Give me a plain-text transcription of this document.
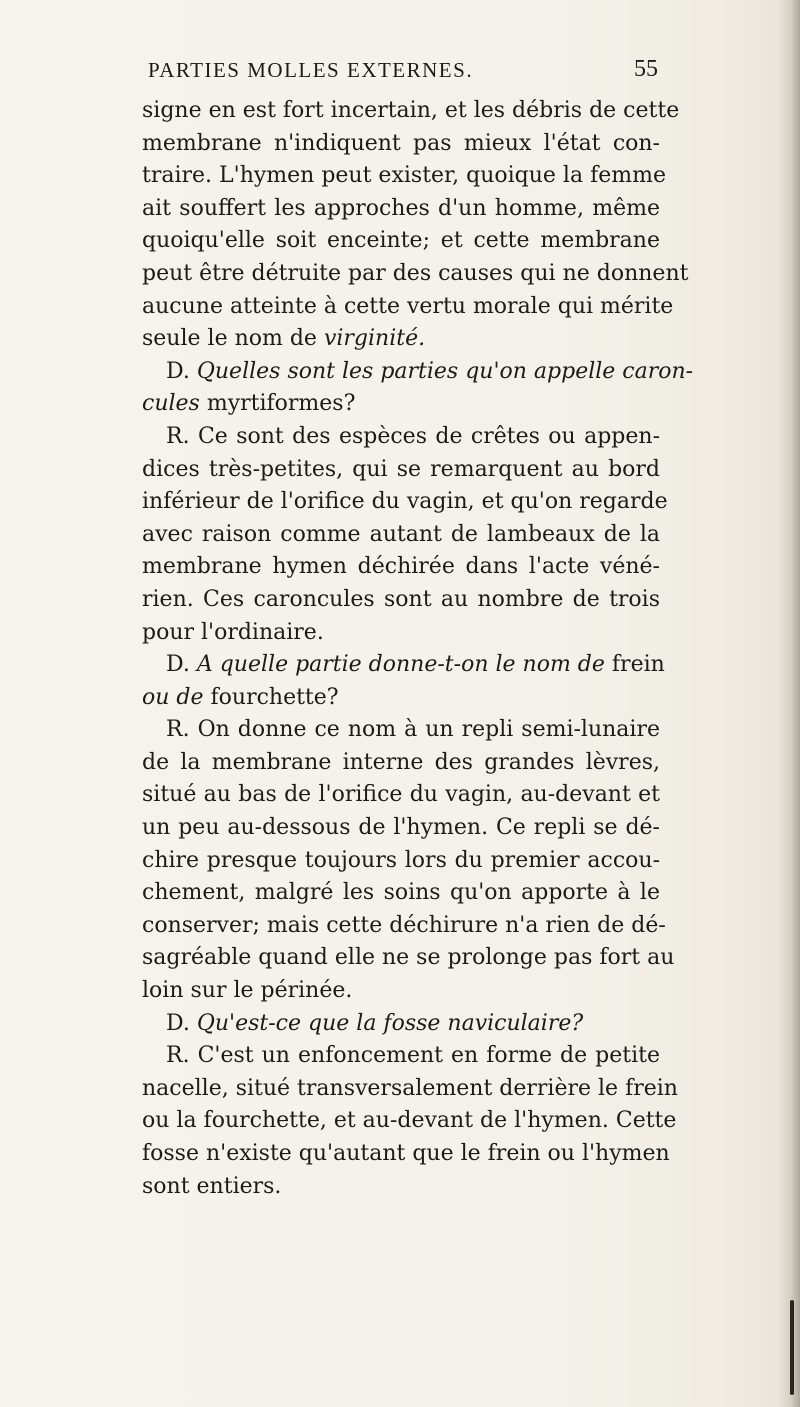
PARTIES MOLLES EXTERNES.	55
signe en est fort incertain, et les débris de cette
membrane n'indiquent pas mieux l'état con-
traire. L'hymen peut exister, quoique la femme
ait souffert les approches d'un homme, même
quoiqu'elle soit enceinte; et cette membrane
peut être détruite par des causes qui ne donnent
aucune atteinte à cette vertu morale qui mérite
seule le nom de virginité.
D. Quelles sont les parties qu'on appelle caron-
cules myrtiformes?
R. Ce sont des espèces de crêtes ou appen-
dices très-petites, qui se remarquent au bord
inférieur de l'orifice du vagin, et qu'on regarde
avec raison comme autant de lambeaux de la
membrane hymen déchirée dans l'acte véné-
rien. Ces caroncules sont au nombre de trois
pour l'ordinaire.
D. A quelle partie donne-t-on le nom de frein
ou de fourchette?
R. On donne ce nom à un repli semi-lunaire
de la membrane interne des grandes lèvres,
situé au bas de l'orifice du vagin, au-devant et
un peu au-dessous de l'hymen. Ce repli se dé-
chire presque toujours lors du premier accou-
chement, malgré les soins qu'on apporte à le
conserver; mais cette déchirure n'a rien de dé-
sagréable quand elle ne se prolonge pas fort au
loin sur le périnée.
D. Qu'est-ce que la fosse naviculaire?
R. C'est un enfoncement en forme de petite
nacelle, situé transversalement derrière le frein
ou la fourchette, et au-devant de l'hymen. Cette
fosse n'existe qu'autant que le frein ou l'hymen
sont entiers.
